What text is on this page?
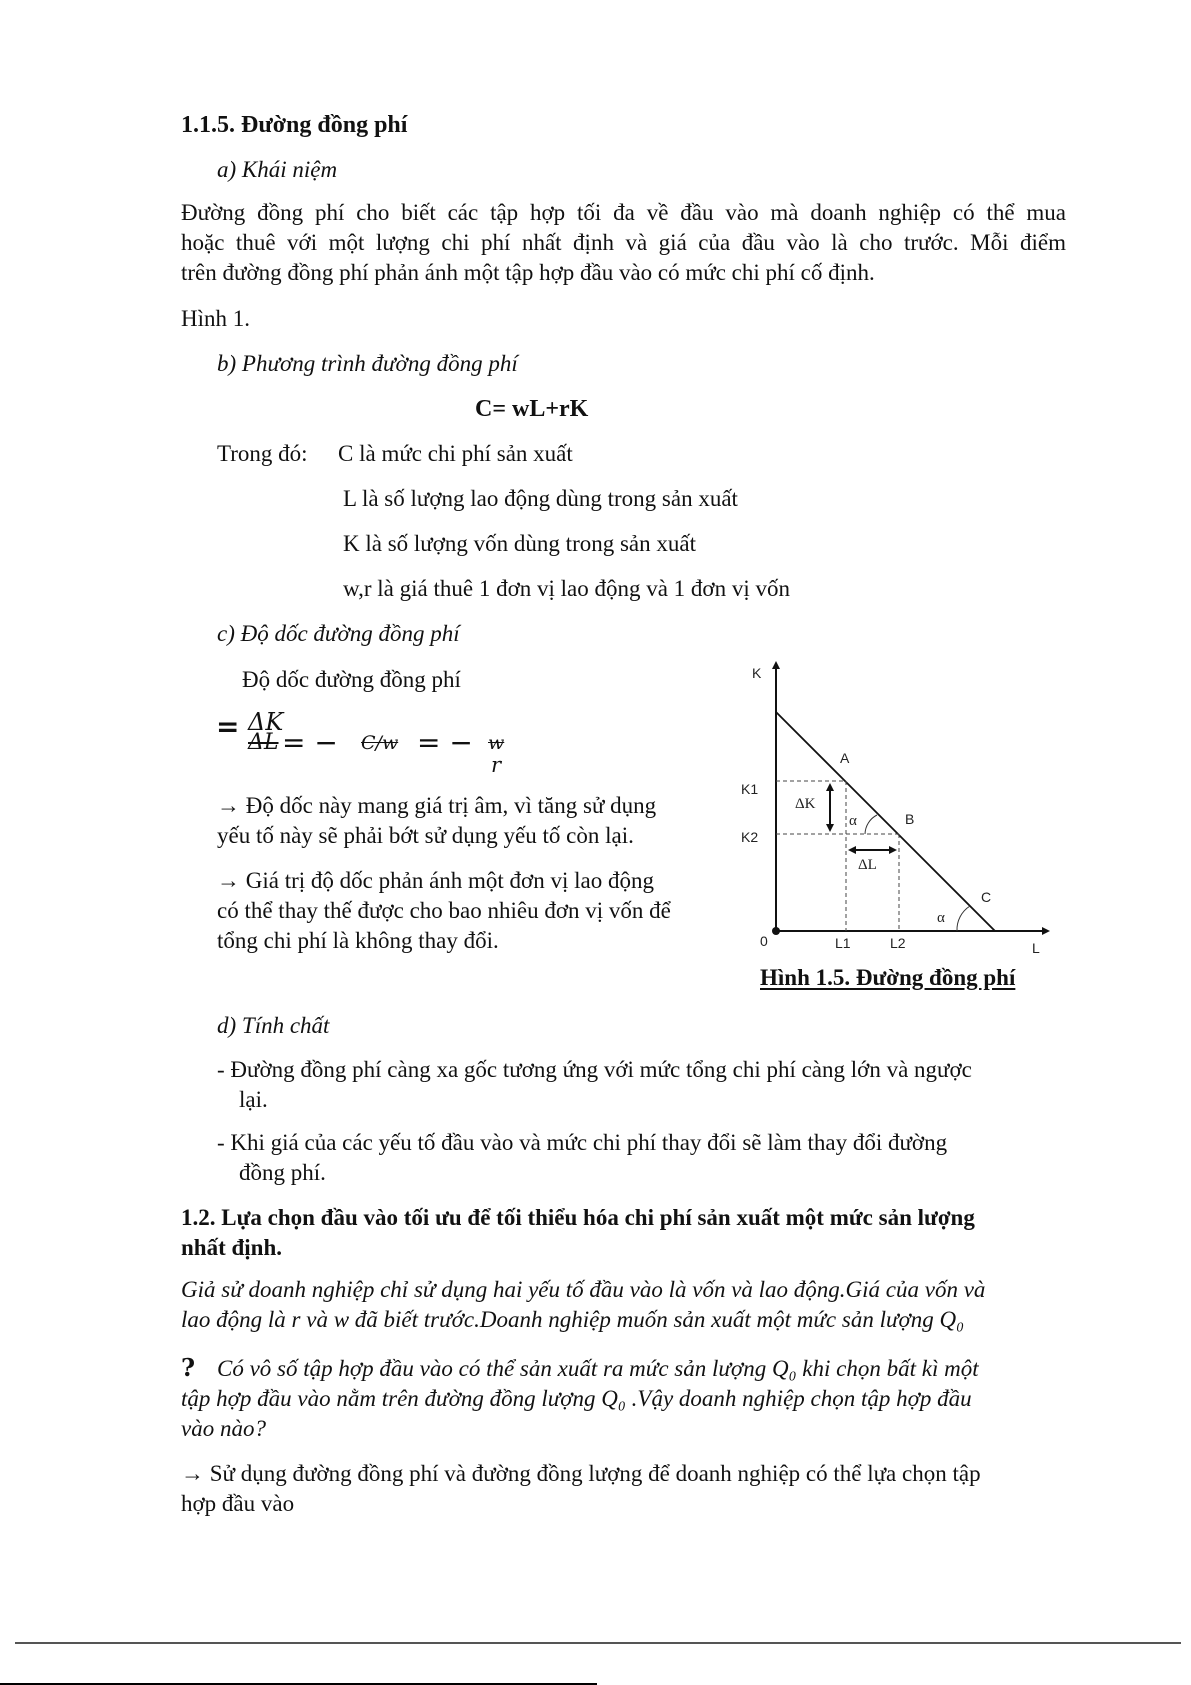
1.1.5. Đường đồng phí
a) Khái niệm
Đường đồng phí cho biết các tập hợp tối đa về đầu vào mà doanh nghiệp có thể mua
hoặc thuê với một lượng chi phí nhất định và giá của đầu vào là cho trước. Mỗi điểm
trên đường đồng phí phản ánh một tập hợp đầu vào có mức chi phí cố định.
Hình 1.
b) Phương trình đường đồng phí
C= wL+rK
Trong đó: C là mức chi phí sản xuất
L là số lượng lao động dùng trong sản xuất
K là số lượng vốn dùng trong sản xuất
w,r là giá thuê 1 đơn vị lao động và 1 đơn vị vốn
c) Độ dốc đường đồng phí
Độ dốc đường đồng phí
= ΔK
ΔL = − C/w = − w
r
→ Độ dốc này mang giá trị âm, vì tăng sử dụng
yếu tố này sẽ phải bớt sử dụng yếu tố còn lại.
→ Giá trị độ dốc phản ánh một đơn vị lao động
có thể thay thế được cho bao nhiêu đơn vị vốn để
tổng chi phí là không thay đổi.
K
L
0
K1
K2
L1	L2
A
B
C
ΔK
ΔL
α
α
Hình 1.5. Đường đồng phí
d) Tính chất
- Đường đồng phí càng xa gốc tương ứng với mức tổng chi phí càng lớn và ngược
lại.
- Khi giá của các yếu tố đầu vào và mức chi phí thay đổi sẽ làm thay đổi đường
đồng phí.
1.2. Lựa chọn đầu vào tối ưu để tối thiểu hóa chi phí sản xuất một mức sản lượng
nhất định.
Giả sử doanh nghiệp chỉ sử dụng hai yếu tố đầu vào là vốn và lao động.Giá của vốn và
lao động là r và w đã biết trước.Doanh nghiệp muốn sản xuất một mức sản lượng Q₀
? Có vô số tập hợp đầu vào có thể sản xuất ra mức sản lượng Q₀ khi chọn bất kì một
tập hợp đầu vào nằm trên đường đồng lượng Q₀ .Vậy doanh nghiệp chọn tập hợp đầu
vào nào?
→ Sử dụng đường đồng phí và đường đồng lượng để doanh nghiệp có thể lựa chọn tập
hợp đầu vào
